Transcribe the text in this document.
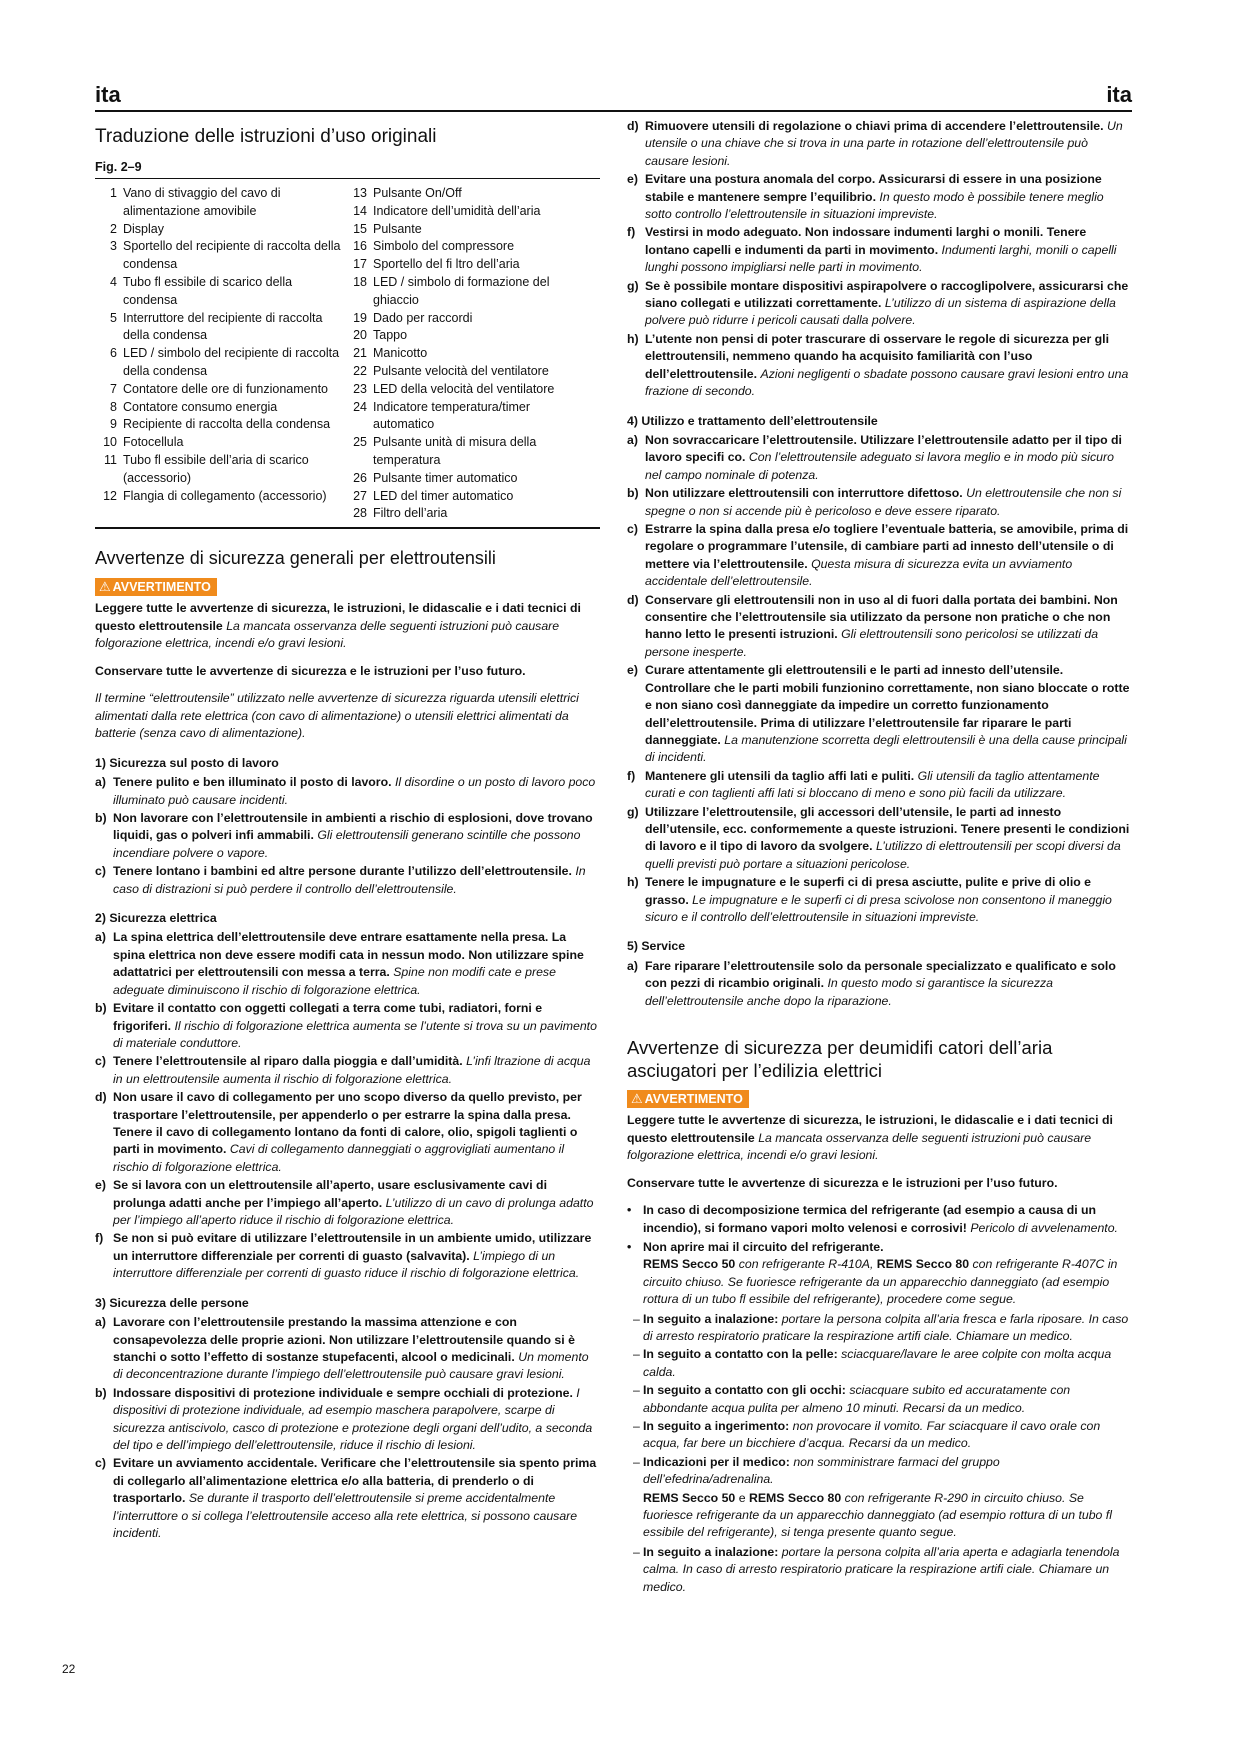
ita	ita
Traduzione delle istruzioni d’uso originali
Fig. 2–9
1 Vano di stivaggio del cavo di alimentazione amovibile
2 Display
3 Sportello del recipiente di raccolta della condensa
4 Tubo fl essibile di scarico della condensa
5 Interruttore del recipiente di raccolta della condensa
6 LED / simbolo del recipiente di raccolta della condensa
7 Contatore delle ore di funzionamento
8 Contatore consumo energia
9 Recipiente di raccolta della condensa
10 Fotocellula
11 Tubo fl essibile dell’aria di scarico (accessorio)
12 Flangia di collegamento (accessorio)
13 Pulsante On/Off
14 Indicatore dell’umidità dell’aria
15 Pulsante
16 Simbolo del compressore
17 Sportello del fi ltro dell’aria
18 LED / simbolo di formazione del ghiaccio
19 Dado per raccordi
20 Tappo
21 Manicotto
22 Pulsante velocità del ventilatore
23 LED della velocità del ventilatore
24 Indicatore temperatura/timer automatico
25 Pulsante unità di misura della temperatura
26 Pulsante timer automatico
27 LED del timer automatico
28 Filtro dell’aria
Avvertenze di sicurezza generali per elettroutensili
⚠ AVVERTIMENTO

Leggere tutte le avvertenze di sicurezza, le istruzioni, le didascalie e i dati tecnici di questo elettroutensile La mancata osservanza delle seguenti istruzioni può causare folgorazione elettrica, incendi e/o gravi lesioni.

Conservare tutte le avvertenze di sicurezza e le istruzioni per l’uso futuro.

Il termine “elettroutensile” utilizzato nelle avvertenze di sicurezza riguarda utensili elettrici alimentati dalla rete elettrica (con cavo di alimentazione) o utensili elettrici alimentati da batterie (senza cavo di alimentazione).

1) Sicurezza sul posto di lavoro
a) Tenere pulito e ben illuminato il posto di lavoro. Il disordine o un posto di lavoro poco illuminato può causare incidenti.
b) Non lavorare con l’elettroutensile in ambienti a rischio di esplosioni, dove trovano liquidi, gas o polveri infi ammabili. Gli elettroutensili generano scintille che possono incendiare polvere o vapore.
c) Tenere lontano i bambini ed altre persone durante l’utilizzo dell’elettroutensile. In caso di distrazioni si può perdere il controllo dell’elettroutensile.
2) Sicurezza elettrica
a) La spina elettrica dell’elettroutensile deve entrare esattamente nella presa. La spina elettrica non deve essere modifi cata in nessun modo. Non utilizzare spine adattatrici per elettroutensili con messa a terra. Spine non modifi cate e prese adeguate diminuiscono il rischio di folgorazione elettrica.
b) Evitare il contatto con oggetti collegati a terra come tubi, radiatori, forni e frigoriferi. Il rischio di folgorazione elettrica aumenta se l’utente si trova su un pavimento di materiale conduttore.
c) Tenere l’elettroutensile al riparo dalla pioggia e dall’umidità. L’infi ltrazione di acqua in un elettroutensile aumenta il rischio di folgorazione elettrica.
d) Non usare il cavo di collegamento per uno scopo diverso da quello previsto, per trasportare l’elettroutensile, per appenderlo o per estrarre la spina dalla presa. Tenere il cavo di collegamento lontano da fonti di calore, olio, spigoli taglienti o parti in movimento. Cavi di collegamento danneggiati o aggrovigliati aumentano il rischio di folgorazione elettrica.
e) Se si lavora con un elettroutensile all’aperto, usare esclusivamente cavi di prolunga adatti anche per l’impiego all’aperto. L’utilizzo di un cavo di prolunga adatto per l’impiego all’aperto riduce il rischio di folgorazione elettrica.
f) Se non si può evitare di utilizzare l’elettroutensile in un ambiente umido, utilizzare un interruttore differenziale per correnti di guasto (salvavita). L’impiego di un interruttore differenziale per correnti di guasto riduce il rischio di folgorazione elettrica.
3) Sicurezza delle persone
a) Lavorare con l’elettroutensile prestando la massima attenzione e con consapevolezza delle proprie azioni. Non utilizzare l’elettroutensile quando si è stanchi o sotto l’effetto di sostanze stupefacenti, alcool o medicinali. Un momento di deconcentrazione durante l’impiego dell’elettroutensile può causare gravi lesioni.
b) Indossare dispositivi di protezione individuale e sempre occhiali di protezione. I dispositivi di protezione individuale, ad esempio maschera parapolvere, scarpe di sicurezza antiscivolo, casco di protezione e protezione degli organi dell’udito, a seconda del tipo e dell’impiego dell’elettroutensile, riduce il rischio di lesioni.
c) Evitare un avviamento accidentale. Verificare che l’elettroutensile sia spento prima di collegarlo all’alimentazione elettrica e/o alla batteria, di prenderlo o di trasportarlo. Se durante il trasporto dell’elettroutensile si preme accidentalmente l’interruttore o si collega l’elettroutensile acceso alla rete elettrica, si possono causare incidenti.
d) Rimuovere utensili di regolazione o chiavi prima di accendere l’elettroutensile. Un utensile o una chiave che si trova in una parte in rotazione dell’elettroutensile può causare lesioni.
e) Evitare una postura anomala del corpo. Assicurarsi di essere in una posizione stabile e mantenere sempre l’equilibrio. In questo modo è possibile tenere meglio sotto controllo l’elettroutensile in situazioni impreviste.
f) Vestirsi in modo adeguato. Non indossare indumenti larghi o monili. Tenere lontano capelli e indumenti da parti in movimento. Indumenti larghi, monili o capelli lunghi possono impigliarsi nelle parti in movimento.
g) Se è possibile montare dispositivi aspirapolvere o raccoglipolvere, assicurarsi che siano collegati e utilizzati correttamente. L’utilizzo di un sistema di aspirazione della polvere può ridurre i pericoli causati dalla polvere.
h) L’utente non pensi di poter trascurare di osservare le regole di sicurezza per gli elettroutensili, nemmeno quando ha acquisito familiarità con l’uso dell’elettroutensile. Azioni negligenti o sbadate possono causare gravi lesioni entro una frazione di secondo.
4) Utilizzo e trattamento dell’elettroutensile
a) Non sovraccaricare l’elettroutensile. Utilizzare l’elettroutensile adatto per il tipo di lavoro specifi co. Con l’elettroutensile adeguato si lavora meglio e in modo più sicuro nel campo nominale di potenza.
b) Non utilizzare elettroutensili con interruttore difettoso. Un elettroutensile che non si spegne o non si accende più è pericoloso e deve essere riparato.
c) Estrarre la spina dalla presa e/o togliere l’eventuale batteria, se amovibile, prima di regolare o programmare l’utensile, di cambiare parti ad innesto dell’utensile o di mettere via l’elettroutensile. Questa misura di sicurezza evita un avviamento accidentale dell’elettroutensile.
d) Conservare gli elettroutensili non in uso al di fuori dalla portata dei bambini. Non consentire che l’elettroutensile sia utilizzato da persone non pratiche o che non hanno letto le presenti istruzioni. Gli elettroutensili sono pericolosi se utilizzati da persone inesperte.
e) Curare attentamente gli elettroutensili e le parti ad innesto dell’utensile. Controllare che le parti mobili funzionino correttamente, non siano bloccate o rotte e non siano così danneggiate da impedire un corretto funzionamento dell’elettroutensile. Prima di utilizzare l’elettroutensile far riparare le parti danneggiate. La manutenzione scorretta degli elettroutensili è una della cause principali di incidenti.
f) Mantenere gli utensili da taglio affi lati e puliti. Gli utensili da taglio attentamente curati e con taglienti affi lati si bloccano di meno e sono più facili da utilizzare.
g) Utilizzare l’elettroutensile, gli accessori dell’utensile, le parti ad innesto dell’utensile, ecc. conformemente a queste istruzioni. Tenere presenti le condizioni di lavoro e il tipo di lavoro da svolgere. L’utilizzo di elettroutensili per scopi diversi da quelli previsti può portare a situazioni pericolose.
h) Tenere le impugnature e le superfi ci di presa asciutte, pulite e prive di olio e grasso. Le impugnature e le superfi ci di presa scivolose non consentono il maneggio sicuro e il controllo dell’elettroutensile in situazioni impreviste.
5) Service
a) Fare riparare l’elettroutensile solo da personale specializzato e qualificato e solo con pezzi di ricambio originali. In questo modo si garantisce la sicurezza dell’elettroutensile anche dopo la riparazione.
Avvertenze di sicurezza per deumidifi catori dell’aria asciugatori per l’edilizia elettrici
⚠ AVVERTIMENTO

Leggere tutte le avvertenze di sicurezza, le istruzioni, le didascalie e i dati tecnici di questo elettroutensile La mancata osservanza delle seguenti istruzioni può causare folgorazione elettrica, incendi e/o gravi lesioni.

Conservare tutte le avvertenze di sicurezza e le istruzioni per l’uso futuro.

• In caso di decomposizione termica del refrigerante (ad esempio a causa di un incendio), si formano vapori molto velenosi e corrosivi! Pericolo di avvelenamento.
• Non aprire mai il circuito del refrigerante.
REMS Secco 50 con refrigerante R-410A, REMS Secco 80 con refrigerante R-407C in circuito chiuso. Se fuoriesce refrigerante da un apparecchio danneggiato (ad esempio rottura di un tubo fl essibile del refrigerante), procedere come segue.
– In seguito a inalazione: portare la persona colpita all’aria fresca e farla riposare. In caso di arresto respiratorio praticare la respirazione artifi ciale. Chiamare un medico.
– In seguito a contatto con la pelle: sciacquare/lavare le aree colpite con molta acqua calda.
– In seguito a contatto con gli occhi: sciacquare subito ed accuratamente con abbondante acqua pulita per almeno 10 minuti. Recarsi da un medico.
– In seguito a ingerimento: non provocare il vomito. Far sciacquare il cavo orale con acqua, far bere un bicchiere d’acqua. Recarsi da un medico.
– Indicazioni per il medico: non somministrare farmaci del gruppo dell’efedrina/adrenalina.
REMS Secco 50 e REMS Secco 80 con refrigerante R-290 in circuito chiuso. Se fuoriesce refrigerante da un apparecchio danneggiato (ad esempio rottura di un tubo fl essibile del refrigerante), si tenga presente quanto segue.
– In seguito a inalazione: portare la persona colpita all’aria aperta e adagiarla tenendola calma. In caso di arresto respiratorio praticare la respirazione artifi ciale. Chiamare un medico.
22
